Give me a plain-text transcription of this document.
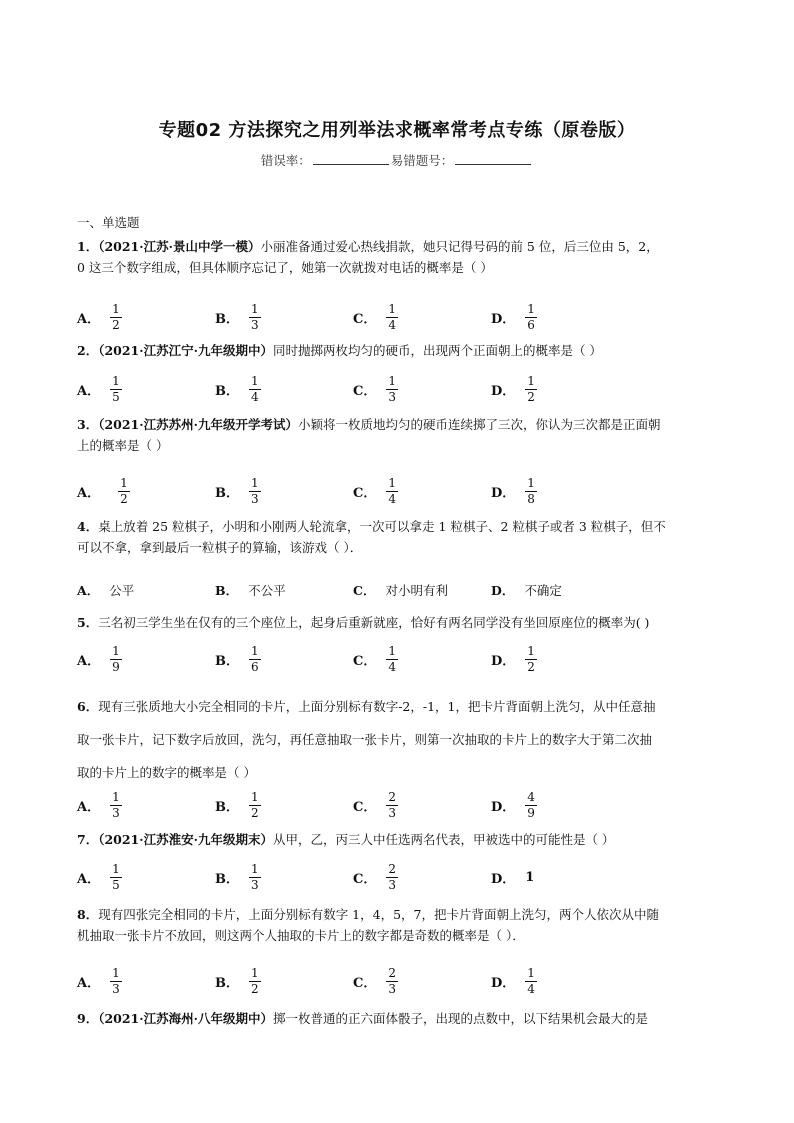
专题02 方法探究之用列举法求概率常考点专练（原卷版）
错误率：	易错题号：
一、单选题
1．（2021·江苏·景山中学一模）小丽准备通过爱心热线捐款，她只记得号码的前 5 位，后三位由 5，2，
0 这三个数字组成，但具体顺序忘记了，她第一次就拨对电话的概率是（ ）
A． $\frac{1}{2}$	B． $\frac{1}{3}$	C． $\frac{1}{4}$	D． $\frac{1}{6}$
2．（2021·江苏江宁·九年级期中）同时抛掷两枚均匀的硬币，出现两个正面朝上的概率是（ ）
A． $\frac{1}{5}$	B． $\frac{1}{4}$	C． $\frac{1}{3}$	D． $\frac{1}{2}$
3．（2021·江苏苏州·九年级开学考试）小颖将一枚质地均匀的硬币连续掷了三次，你认为三次都是正面朝
上的概率是（ ）
A． $\frac{1}{2}$	B． $\frac{1}{3}$	C． $\frac{1}{4}$	D． $\frac{1}{8}$
4．桌上放着 25 粒棋子，小明和小刚两人轮流拿，一次可以拿走 1 粒棋子、2 粒棋子或者 3 粒棋子，但不
可以不拿，拿到最后一粒棋子的算输，该游戏（ ）．
A． 公平	B． 不公平	C． 对小明有利	D． 不确定
5．三名初三学生坐在仅有的三个座位上，起身后重新就座，恰好有两名同学没有坐回原座位的概率为( )
A． $\frac{1}{9}$	B． $\frac{1}{6}$	C． $\frac{1}{4}$	D． $\frac{1}{2}$
6．现有三张质地大小完全相同的卡片，上面分别标有数字-2，-1，1，把卡片背面朝上洗匀，从中任意抽
取一张卡片，记下数字后放回，洗匀，再任意抽取一张卡片，则第一次抽取的卡片上的数字大于第二次抽
取的卡片上的数字的概率是（ ）
A． $\frac{1}{3}$	B． $\frac{1}{2}$	C． $\frac{2}{3}$	D． $\frac{4}{9}$
7．（2021·江苏淮安·九年级期末）从甲，乙，丙三人中任选两名代表，甲被选中的可能性是（ ）
A． $\frac{1}{5}$	B． $\frac{1}{3}$	C． $\frac{2}{3}$	D． 1
8．现有四张完全相同的卡片，上面分别标有数字 1，4，5，7，把卡片背面朝上洗匀，两个人依次从中随
机抽取一张卡片不放回，则这两个人抽取的卡片上的数字都是奇数的概率是（ ）．
A． $\frac{1}{3}$	B． $\frac{1}{2}$	C． $\frac{2}{3}$	D． $\frac{1}{4}$
9．（2021·江苏海州·八年级期中）掷一枚普通的正六面体骰子，出现的点数中，以下结果机会最大的是
